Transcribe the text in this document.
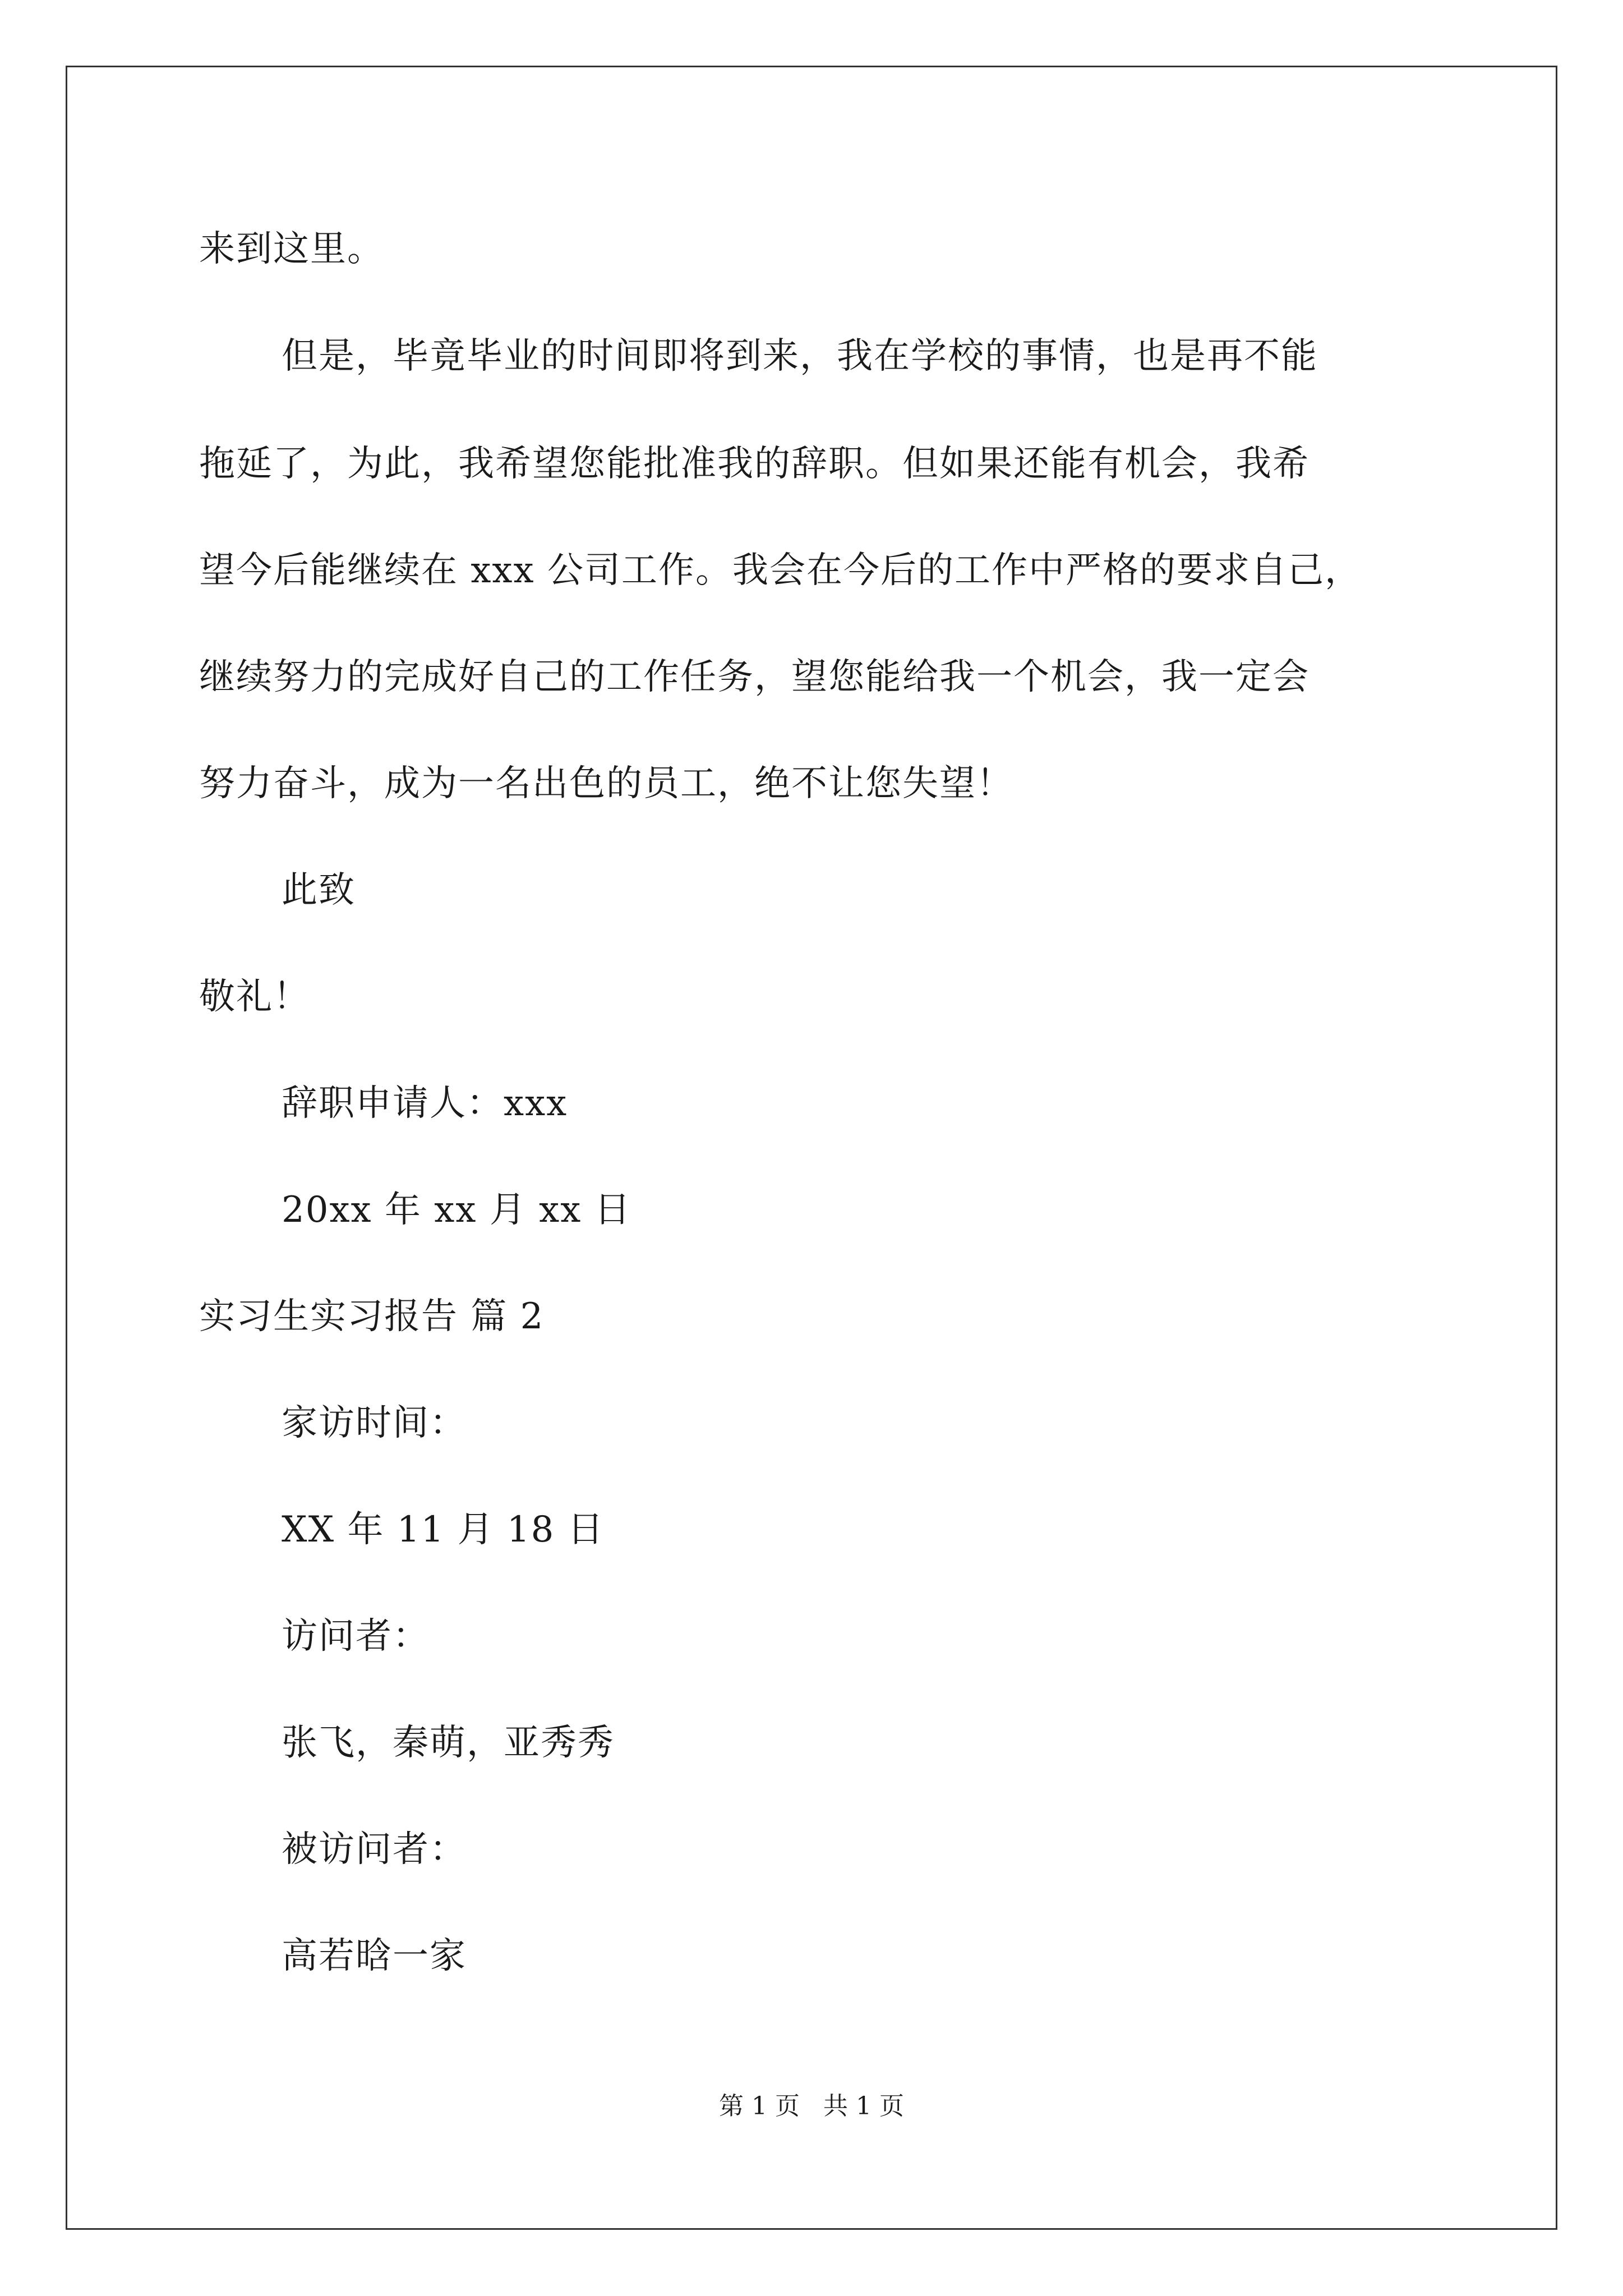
来到这里。
但是，毕竟毕业的时间即将到来，我在学校的事情，也是再不能
拖延了，为此，我希望您能批准我的辞职。但如果还能有机会，我希
望今后能继续在 xxx 公司工作。我会在今后的工作中严格的要求自己，
继续努力的完成好自己的工作任务，望您能给我一个机会，我一定会
努力奋斗，成为一名出色的员工，绝不让您失望！
此致
敬礼！
辞职申请人：xxx
20xx 年 xx 月 xx 日
实习生实习报告 篇 2
家访时间：
XX 年 11 月 18 日
访问者：
张飞，秦萌，亚秀秀
被访问者：
高若晗一家
第 1 页   共 1 页
